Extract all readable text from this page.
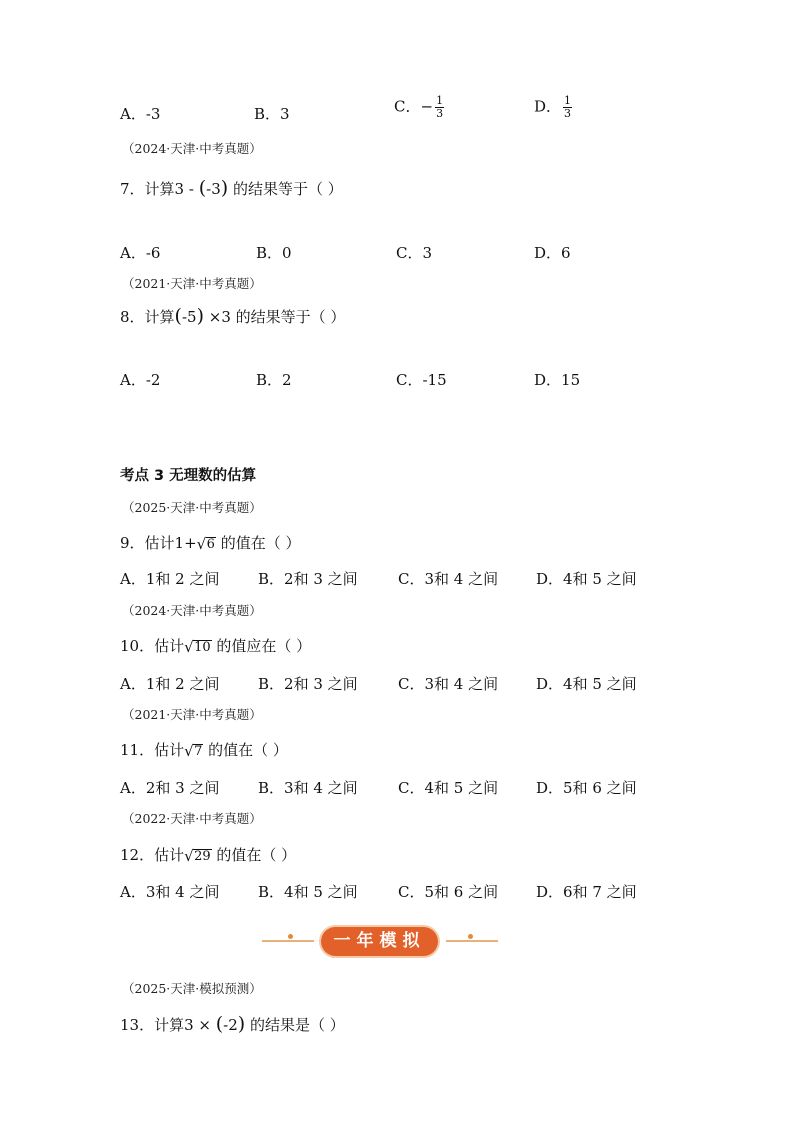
A．-3	B．3	C．− $\frac{1}{3}$	D． $\frac{1}{3}$
（2024·天津·中考真题）
7．计算3 - (-3) 的结果等于（ ）
A．-6	B．0	C．3	D．6
（2021·天津·中考真题）
8．计算(-5) ×3 的结果等于（ ）
A．-2	B．2	C．-15	D．15
考点 3 无理数的估算
（2025·天津·中考真题）
9．估计1+ √ 6 的值在（ ）
A．1和 2 之间	B．2和 3 之间	C．3和 4 之间	D．4和 5 之间
（2024·天津·中考真题）
10．估计 √ 10 的值应在（ ）
A．1和 2 之间	B．2和 3 之间	C．3和 4 之间	D．4和 5 之间
（2021·天津·中考真题）
11．估计 √ 7 的值在（ ）
A．2和 3 之间	B．3和 4 之间	C．4和 5 之间	D．5和 6 之间
（2022·天津·中考真题）
12．估计 √ 29 的值在（ ）
A．3和 4 之间	B．4和 5 之间	C．5和 6 之间	D．6和 7 之间
一年模拟
（2025·天津·模拟预测）
13．计算3 × (-2) 的结果是（ ）
